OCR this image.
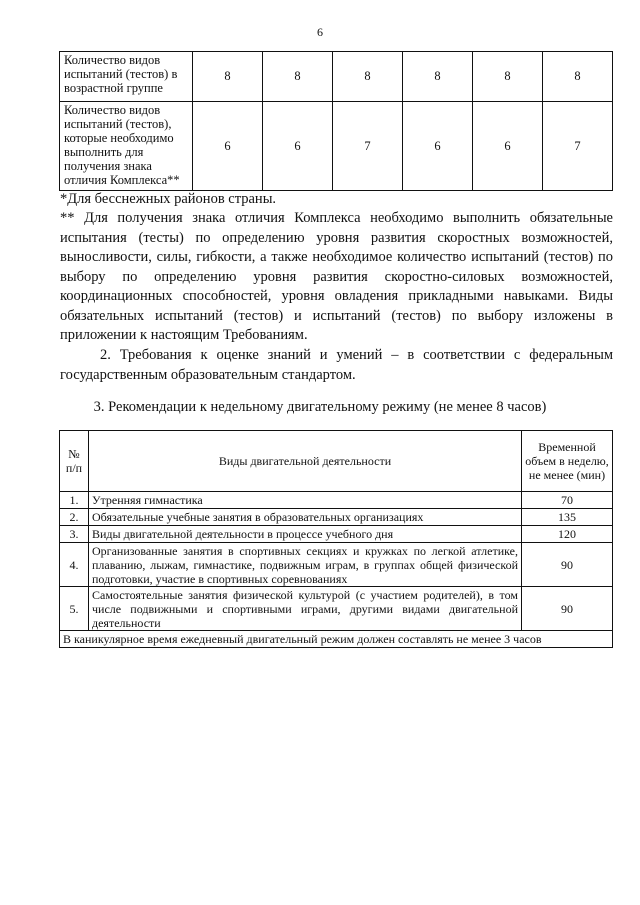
6
Количество видов испытаний (тестов) в возрастной группе	8	8	8	8	8	8
Количество видов испытаний (тестов), которые необходимо выполнить для получения знака отличия Комплекса**	6	6	7	6	6	7
*Для бесснежных районов страны.
** Для получения знака отличия Комплекса необходимо выполнить обязательные испытания (тесты) по определению уровня развития скоростных возможностей, выносливости, силы, гибкости, а также необходимое количество испытаний (тестов) по выбору по определению уровня развития скоростно-силовых возможностей, координационных способностей, уровня овладения прикладными навыками. Виды обязательных испытаний (тестов) и испытаний (тестов) по выбору изложены в приложении к настоящим Требованиям.
2. Требования к оценке знаний и умений – в соответствии с федеральным государственным образовательным стандартом.
3. Рекомендации к недельному двигательному режиму (не менее 8 часов)
№ п/п	Виды двигательной деятельности	Временной объем в неделю, не менее (мин)
1.	Утренняя гимнастика	70
2.	Обязательные учебные занятия в образовательных организациях	135
3.	Виды двигательной деятельности в процессе учебного дня	120
4.	Организованные занятия в спортивных секциях и кружках по легкой атлетике, плаванию, лыжам, гимнастике, подвижным играм, в группах общей физической подготовки, участие в спортивных соревнованиях	90
5.	Самостоятельные занятия физической культурой (с участием родителей), в том числе подвижными и спортивными играми, другими видами двигательной деятельности	90
В каникулярное время ежедневный двигательный режим должен составлять не менее 3 часов		
